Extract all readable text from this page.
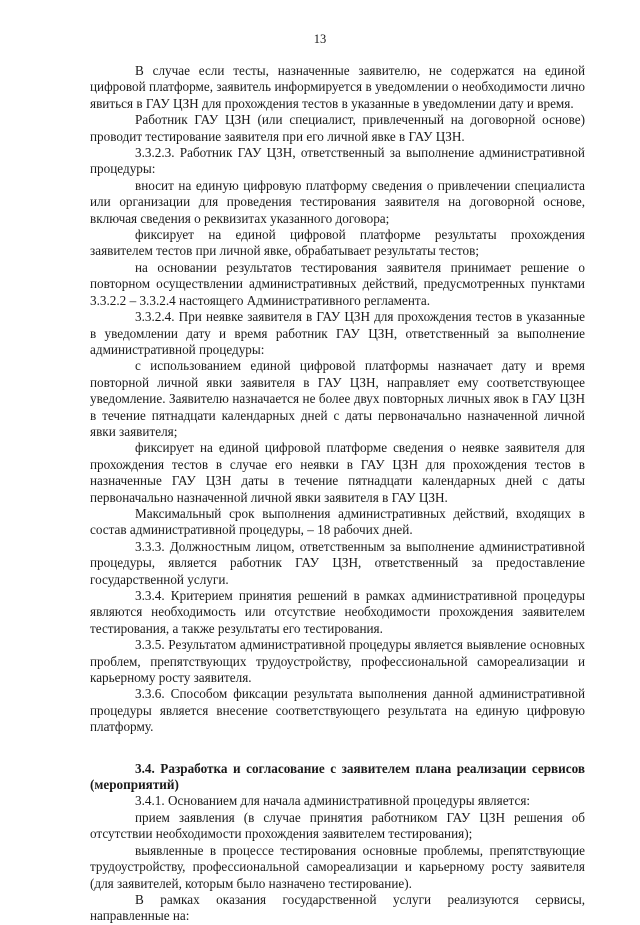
13

В случае если тесты, назначенные заявителю, не содержатся на единой цифровой платформе, заявитель информируется в уведомлении о необходимости лично явиться в ГАУ ЦЗН для прохождения тестов в указанные в уведомлении дату и время.

Работник ГАУ ЦЗН (или специалист, привлеченный на договорной основе) проводит тестирование заявителя при его личной явке в ГАУ ЦЗН.

3.3.2.3. Работник ГАУ ЦЗН, ответственный за выполнение административной процедуры:

вносит на единую цифровую платформу сведения о привлечении специалиста или организации для проведения тестирования заявителя на договорной основе, включая сведения о реквизитах указанного договора;

фиксирует на единой цифровой платформе результаты прохождения заявителем тестов при личной явке, обрабатывает результаты тестов;

на основании результатов тестирования заявителя принимает решение о повторном осуществлении административных действий, предусмотренных пунктами 3.3.2.2 – 3.3.2.4 настоящего Административного регламента.

3.3.2.4. При неявке заявителя в ГАУ ЦЗН для прохождения тестов в указанные в уведомлении дату и время работник ГАУ ЦЗН, ответственный за выполнение административной процедуры:

с использованием единой цифровой платформы назначает дату и время повторной личной явки заявителя в ГАУ ЦЗН, направляет ему соответствующее уведомление. Заявителю назначается не более двух повторных личных явок в ГАУ ЦЗН в течение пятнадцати календарных дней с даты первоначально назначенной личной явки заявителя;

фиксирует на единой цифровой платформе сведения о неявке заявителя для прохождения тестов в случае его неявки в ГАУ ЦЗН для прохождения тестов в назначенные ГАУ ЦЗН даты в течение пятнадцати календарных дней с даты первоначально назначенной личной явки заявителя в ГАУ ЦЗН.

Максимальный срок выполнения административных действий, входящих в состав административной процедуры, – 18 рабочих дней.

3.3.3. Должностным лицом, ответственным за выполнение административной процедуры, является работник ГАУ ЦЗН, ответственный за предоставление государственной услуги.

3.3.4. Критерием принятия решений в рамках административной процедуры являются необходимость или отсутствие необходимости прохождения заявителем тестирования, а также результаты его тестирования.

3.3.5. Результатом административной процедуры является выявление основных проблем, препятствующих трудоустройству, профессиональной самореализации и карьерному росту заявителя.

3.3.6. Способом фиксации результата выполнения данной административной процедуры является внесение соответствующего результата на единую цифровую платформу.

3.4. Разработка и согласование с заявителем плана реализации сервисов (мероприятий)

3.4.1. Основанием для начала административной процедуры является:

прием заявления (в случае принятия работником ГАУ ЦЗН решения об отсутствии необходимости прохождения заявителем тестирования);

выявленные в процессе тестирования основные проблемы, препятствующие трудоустройству, профессиональной самореализации и карьерному росту заявителя (для заявителей, которым было назначено тестирование).

В рамках оказания государственной услуги реализуются сервисы, направленные на:
